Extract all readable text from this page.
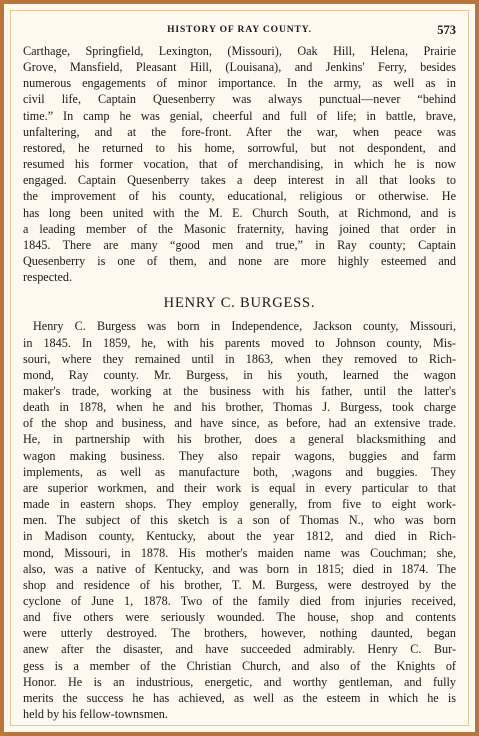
HISTORY OF RAY COUNTY.	573

Carthage, Springfield, Lexington, (Missouri), Oak Hill, Helena, Prairie
Grove, Mansfield, Pleasant Hill, (Louisana), and Jenkins' Ferry, besides
numerous engagements of minor importance. In the army, as well as in
civil life, Captain Quesenberry was always punctual—never “behind
time.” In camp he was genial, cheerful and full of life; in battle, brave,
unfaltering, and at the fore-front. After the war, when peace was
restored, he returned to his home, sorrowful, but not despondent, and
resumed his former vocation, that of merchandising, in which he is now
engaged. Captain Quesenberry takes a deep interest in all that looks to
the improvement of his county, educational, religious or otherwise. He
has long been united with the M. E. Church South, at Richmond, and is
a leading member of the Masonic fraternity, having joined that order in
1845. There are many “good men and true,” in Ray county; Captain
Quesenberry is one of them, and none are more highly esteemed and
respected.

HENRY C. BURGESS.

Henry C. Burgess was born in Independence, Jackson county, Missouri,
in 1845. In 1859, he, with his parents moved to Johnson county, Mis-
souri, where they remained until in 1863, when they removed to Rich-
mond, Ray county. Mr. Burgess, in his youth, learned the wagon
maker's trade, working at the business with his father, until the latter's
death in 1878, when he and his brother, Thomas J. Burgess, took charge
of the shop and business, and have since, as before, had an extensive trade.
He, in partnership with his brother, does a general blacksmithing and
wagon making business. They also repair wagons, buggies and farm
implements, as well as manufacture both, ,wagons and buggies. They
are superior workmen, and their work is equal in every particular to that
made in eastern shops. They employ generally, from five to eight work-
men. The subject of this sketch is a son of Thomas N., who was born
in Madison county, Kentucky, about the year 1812, and died in Rich-
mond, Missouri, in 1878. His mother's maiden name was Couchman; she,
also, was a native of Kentucky, and was born in 1815; died in 1874. The
shop and residence of his brother, T. M. Burgess, were destroyed by the
cyclone of June 1, 1878. Two of the family died from injuries received,
and five others were seriously wounded. The house, shop and contents
were utterly destroyed. The brothers, however, nothing daunted, began
anew after the disaster, and have succeeded admirably. Henry C. Bur-
gess is a member of the Christian Church, and also of the Knights of
Honor. He is an industrious, energetic, and worthy gentleman, and fully
merits the success he has achieved, as well as the esteem in which he is
held by his fellow-townsmen.
